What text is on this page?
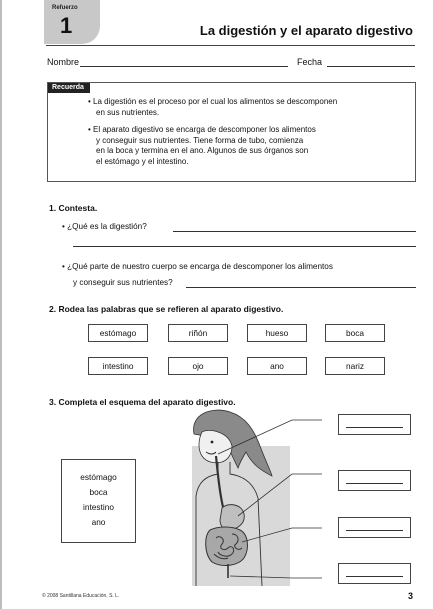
Refuerzo
1	La digestión y el aparato digestivo
Nombre	Fecha
Recuerda
• La digestión es el proceso por el cual los alimentos se descomponen
en sus nutrientes.
• El aparato digestivo se encarga de descomponer los alimentos
y conseguir sus nutrientes. Tiene forma de tubo, comienza
en la boca y termina en el ano. Algunos de sus órganos son
el estómago y el intestino.
1. Contesta.
• ¿Qué es la digestión?
• ¿Qué parte de nuestro cuerpo se encarga de descomponer los alimentos
y conseguir sus nutrientes?
2. Rodea las palabras que se refieren al aparato digestivo.
estómago	riñón	hueso	boca
intestino	ojo	ano	nariz
3. Completa el esquema del aparato digestivo.
estómago
boca
intestino
ano
© 2008 Santillana Educación, S. L.	3
